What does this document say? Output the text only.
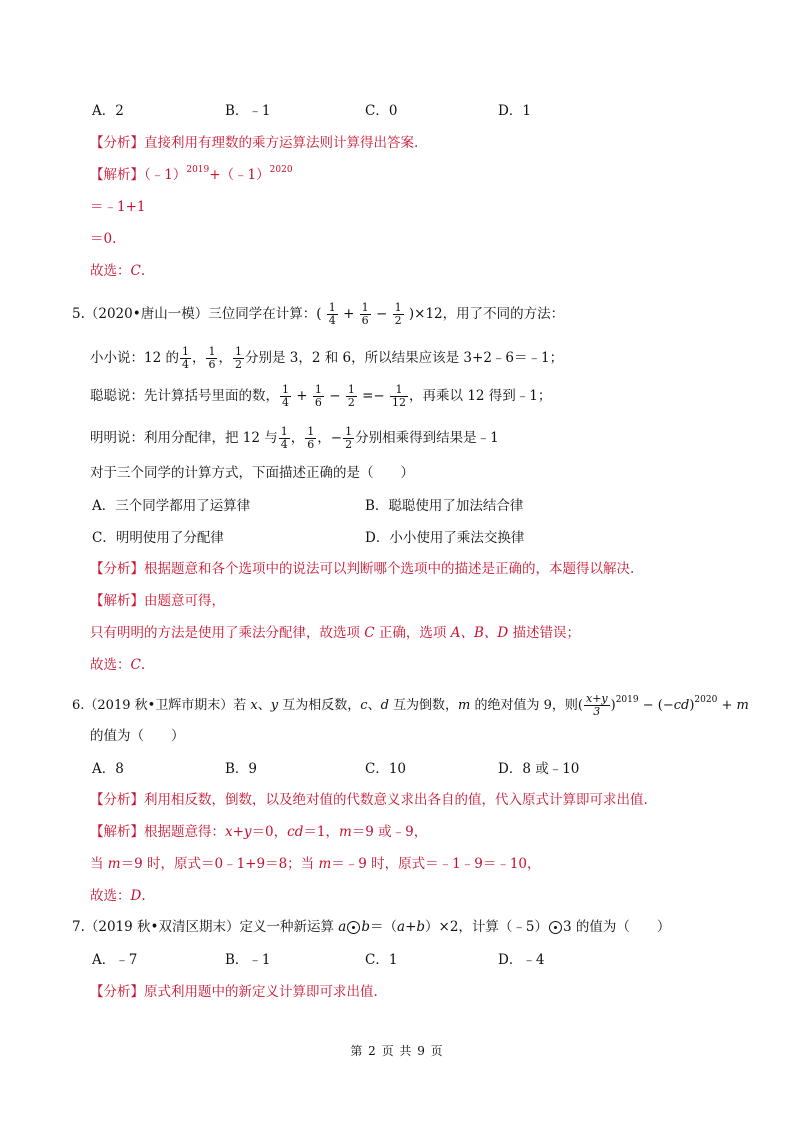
A．2	B．﹣1	C．0	D．1
【分析】直接利用有理数的乘方运算法则计算得出答案.
【解析】（﹣1）$^{2019}$+（﹣1）$^{2020}$
＝﹣1+1
＝0.
故选：C.
5.（2020•唐山一模）三位同学在计算：( $\frac{1}{4} + \frac{1}{6} - \frac{1}{2} )\times 12$，用了不同的方法：
小小说：12 的 $\frac{1}{4}$ ， $\frac{1}{6}$ ， $\frac{1}{2}$ 分别是 3，2 和 6，所以结果应该是 3+2﹣6＝﹣1；
聪聪说：先计算括号里面的数， $\frac{1}{4} + \frac{1}{6} - \frac{1}{2} =- \frac{1}{12}$ ，再乘以 12 得到﹣1；
明明说：利用分配律，把 12 与 $\frac{1}{4}$ ， $\frac{1}{6}$ ，− $\frac{1}{2}$ 分别相乘得到结果是﹣1
对于三个同学的计算方式，下面描述正确的是（　　）
A．三个同学都用了运算律	B．聪聪使用了加法结合律
C．明明使用了分配律	D．小小使用了乘法交换律
【分析】根据题意和各个选项中的说法可以判断哪个选项中的描述是正确的，本题得以解决.
【解析】由题意可得，
只有明明的方法是使用了乘法分配律，故选项 C 正确，选项 A、B、D 描述错误；
故选：C.
6.（2019 秋•卫辉市期末）若 x、y 互为相反数，c、d 互为倒数，m 的绝对值为 9，则( $\frac{x+y}{3} )^{2019} - (-cd)^{2020} + m$
的值为（　　）
A．8	B．9	C．10	D．8 或﹣10
【分析】利用相反数，倒数，以及绝对值的代数意义求出各自的值，代入原式计算即可求出值.
【解析】根据题意得：x+y＝0，cd＝1，m＝9 或﹣9，
当 m＝9 时，原式＝0﹣1+9＝8；当 m＝﹣9 时，原式＝﹣1﹣9＝﹣10，
故选：D.
7.（2019 秋•双清区期末）定义一种新运算 a b＝（a+b）×2，计算（﹣5） 3 的值为（　　）
A．﹣7	B．﹣1	C．1	D．﹣4
【分析】原式利用题中的新定义计算即可求出值.
第 2 页 共 9 页
